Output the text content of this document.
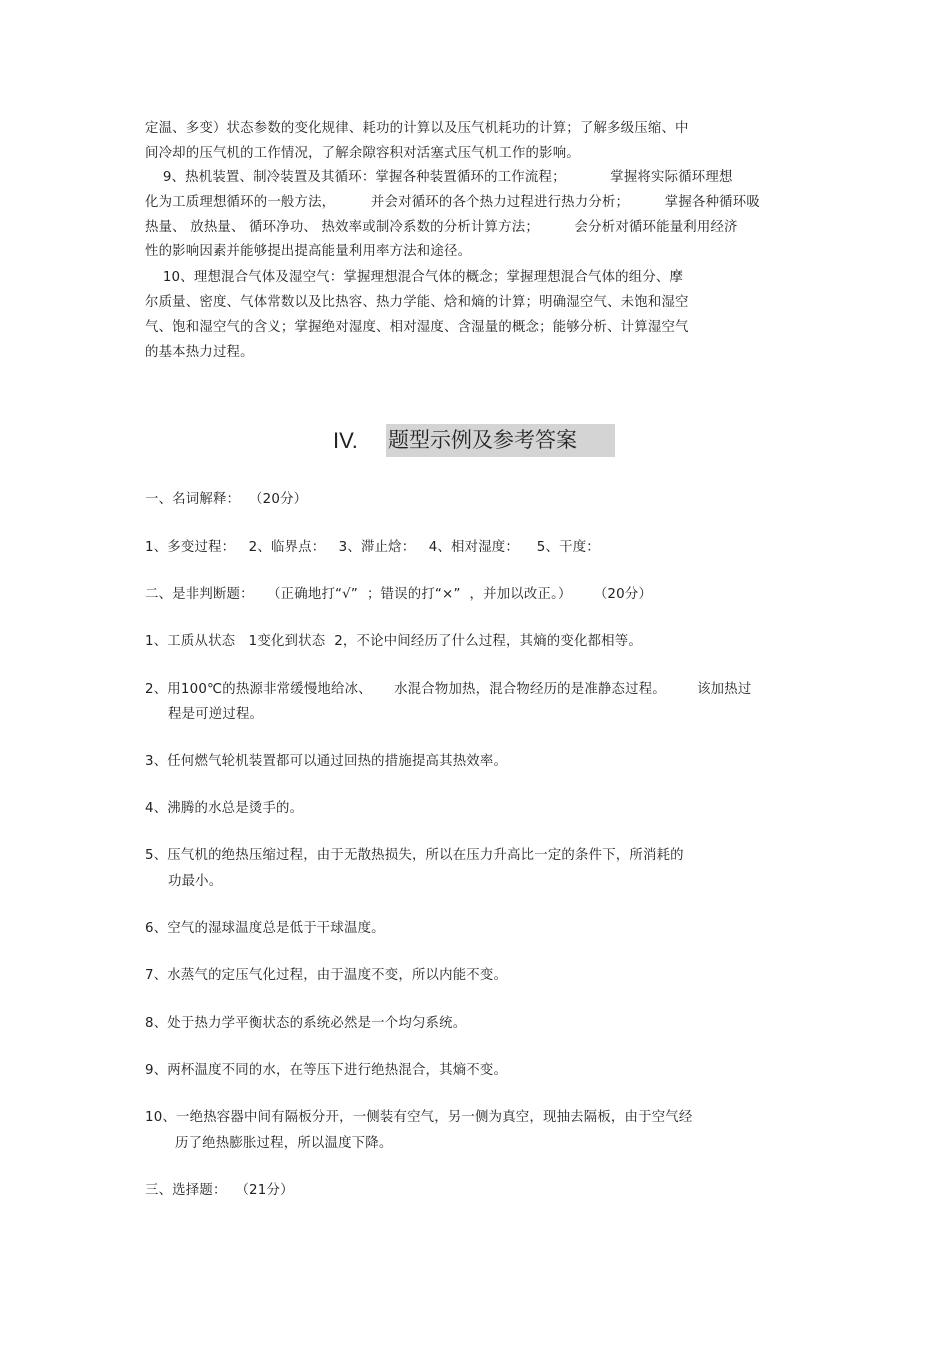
定温、多变）状态参数的变化规律、耗功的计算以及压气机耗功的计算；了解多级压缩、中
间冷却的压气机的工作情况，了解余隙容积对活塞式压气机工作的影响。
9、热机装置、制冷装置及其循环：掌握各种装置循环的工作流程；          掌握将实际循环理想
化为工质理想循环的一般方法，        并会对循环的各个热力过程进行热力分析；        掌握各种循环吸
热量、 放热量、 循环净功、 热效率或制冷系数的分析计算方法；        会分析对循环能量利用经济
性的影响因素并能够提出提高能量利用率方法和途径。
10、理想混合气体及湿空气：掌握理想混合气体的概念；掌握理想混合气体的组分、摩
尔质量、密度、气体常数以及比热容、热力学能、焓和熵的计算；明确湿空气、未饱和湿空
气、饱和湿空气的含义；掌握绝对湿度、相对湿度、含湿量的概念；能够分析、计算湿空气
的基本热力过程。
IV. 题型示例及参考答案
一、名词解释：  （20分）
1、多变过程：   2、临界点：   3、滞止焓：   4、相对湿度：    5、干度：
二、是非判断题：   （正确地打“√”  ；错误的打“×”  ，并加以改正。）     （20分）
1、工质从状态   1变化到状态  2，不论中间经历了什么过程，其熵的变化都相等。
2、用100℃的热源非常缓慢地给冰、     水混合物加热，混合物经历的是准静态过程。       该加热过
程是可逆过程。
3、任何燃气轮机装置都可以通过回热的措施提高其热效率。
4、沸腾的水总是烫手的。
5、压气机的绝热压缩过程，由于无散热损失，所以在压力升高比一定的条件下，所消耗的
功最小。
6、空气的湿球温度总是低于干球温度。
7、水蒸气的定压气化过程，由于温度不变，所以内能不变。
8、处于热力学平衡状态的系统必然是一个均匀系统。
9、两杯温度不同的水，在等压下进行绝热混合，其熵不变。
10、一绝热容器中间有隔板分开，一侧装有空气，另一侧为真空，现抽去隔板，由于空气经
历了绝热膨胀过程，所以温度下降。
三、选择题：  （21分）
